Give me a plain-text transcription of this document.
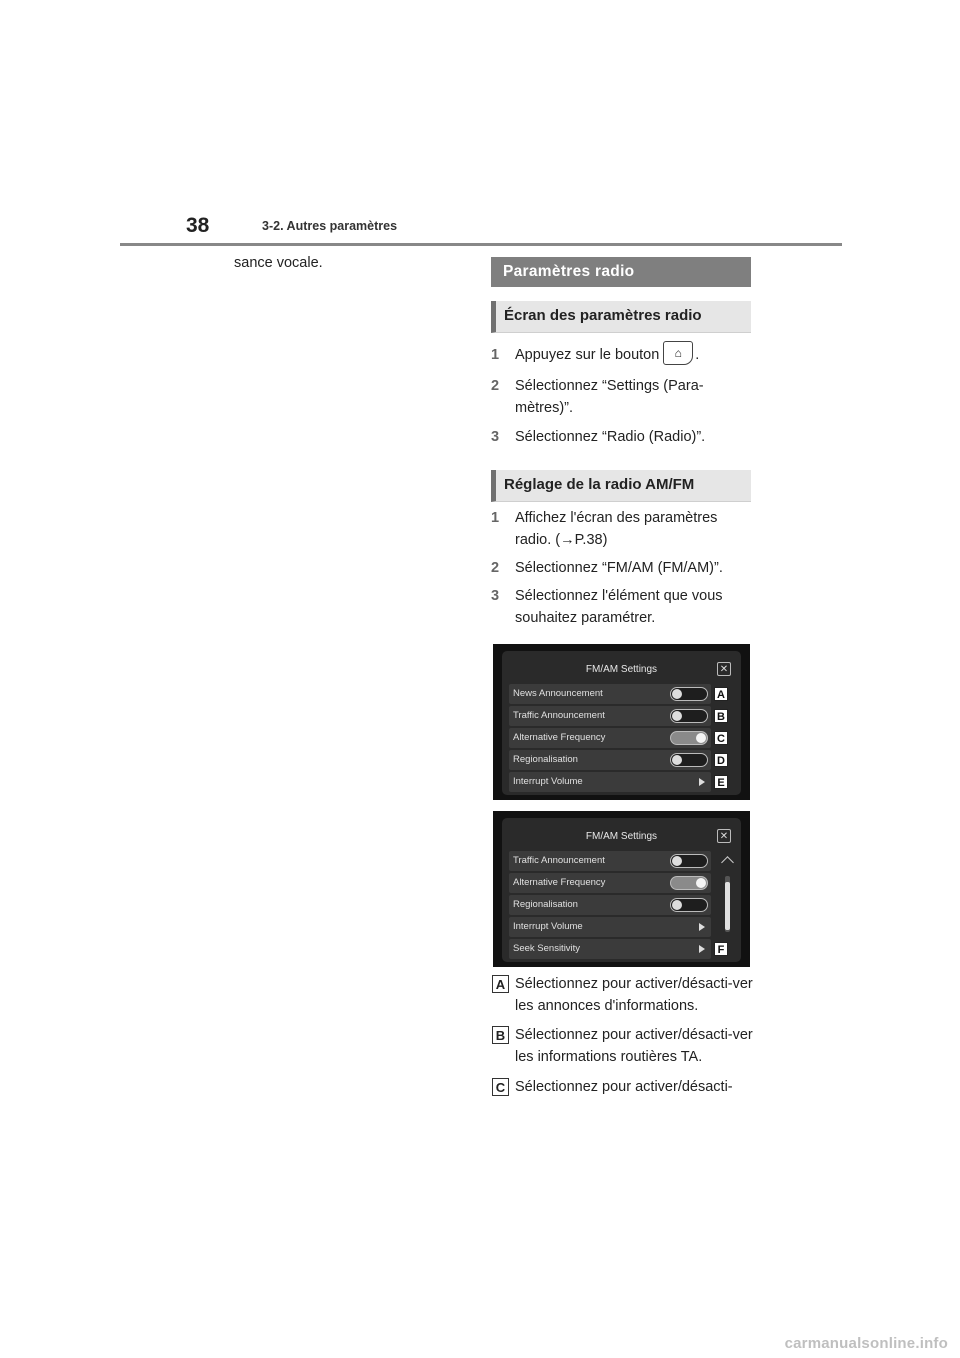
38	3-2. Autres paramètres
sance vocale.	Paramètres radio
Écran des paramètres radio
1 Appuyez sur le bouton ⌂ .
2 Sélectionnez “Settings (Para-mètres)”.
3 Sélectionnez “Radio (Radio)”.
Réglage de la radio AM/FM
1 Affichez l'écran des paramètres radio. (→P.38)
2 Sélectionnez “FM/AM (FM/AM)”.
3 Sélectionnez l'élément que vous souhaitez paramétrer.
FM/AM Settings	✕
News Announcement	A
Traffic Announcement	B
Alternative Frequency	C
Regionalisation	D
Interrupt Volume	E
FM/AM Settings	✕
Traffic Announcement
Alternative Frequency
Regionalisation
Interrupt Volume
Seek Sensitivity	F
A Sélectionnez pour activer/désacti-ver les annonces d'informations.
B Sélectionnez pour activer/désacti-ver les informations routières TA.
C Sélectionnez pour activer/désacti-
carmanualsonline.info
